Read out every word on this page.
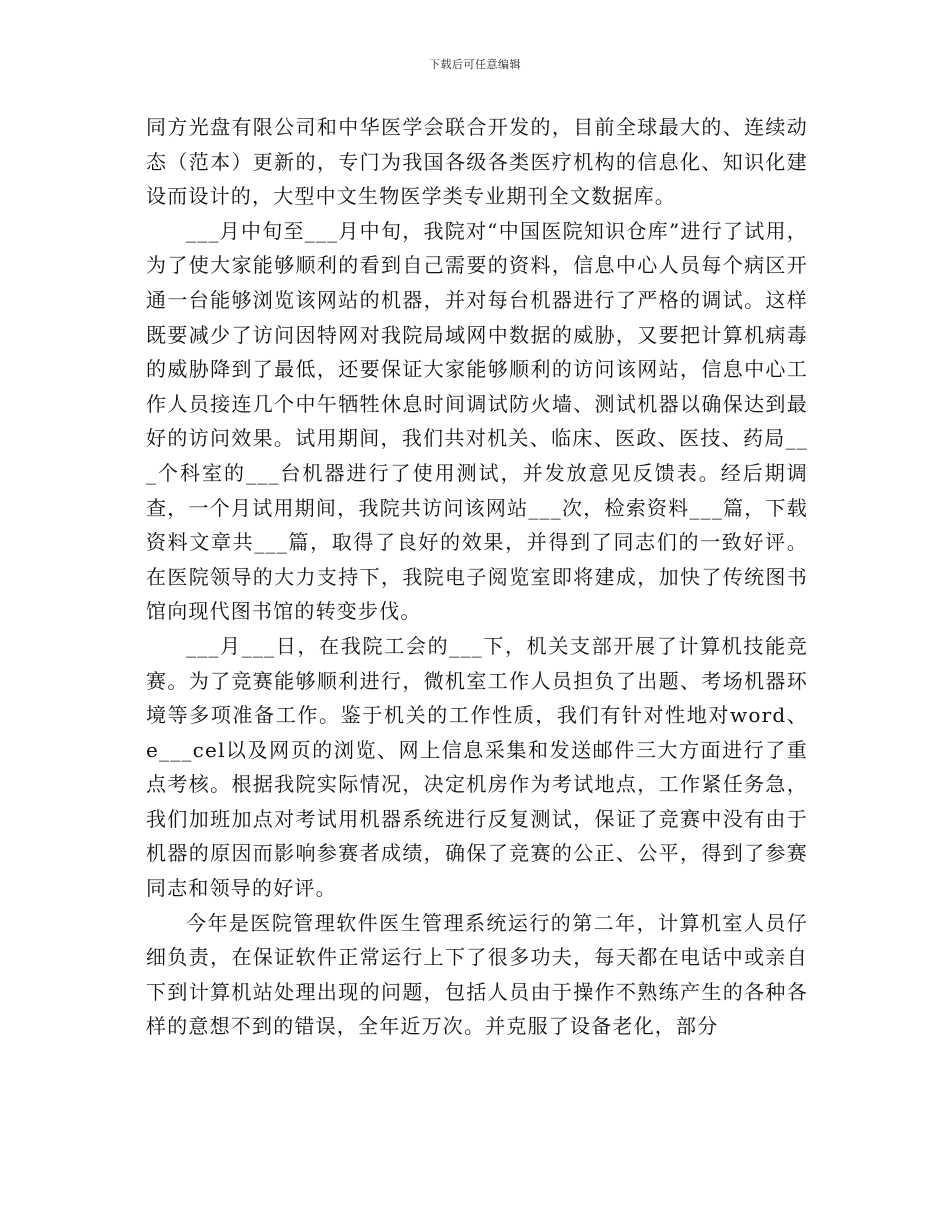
下载后可任意编辑

同方光盘有限公司和中华医学会联合开发的，目前全球最大的、连续动态（范本）更新的，专门为我国各级各类医疗机构的信息化、知识化建设而设计的，大型中文生物医学类专业期刊全文数据库。

___月中旬至___月中旬，我院对“中国医院知识仓库”进行了试用，为了使大家能够顺利的看到自己需要的资料，信息中心人员每个病区开通一台能够浏览该网站的机器，并对每台机器进行了严格的调试。这样既要减少了访问因特网对我院局域网中数据的威胁，又要把计算机病毒的威胁降到了最低，还要保证大家能够顺利的访问该网站，信息中心工作人员接连几个中午牺牲休息时间调试防火墙、测试机器以确保达到最好的访问效果。试用期间，我们共对机关、临床、医政、医技、药局___个科室的___台机器进行了使用测试，并发放意见反馈表。经后期调查，一个月试用期间，我院共访问该网站___次，检索资料___篇，下载资料文章共___篇，取得了良好的效果，并得到了同志们的一致好评。在医院领导的大力支持下，我院电子阅览室即将建成，加快了传统图书馆向现代图书馆的转变步伐。

___月___日，在我院工会的___下，机关支部开展了计算机技能竞赛。为了竞赛能够顺利进行，微机室工作人员担负了出题、考场机器环境等多项准备工作。鉴于机关的工作性质，我们有针对性地对word、e___cel以及网页的浏览、网上信息采集和发送邮件三大方面进行了重点考核。根据我院实际情况，决定机房作为考试地点，工作紧任务急，我们加班加点对考试用机器系统进行反复测试，保证了竞赛中没有由于机器的原因而影响参赛者成绩，确保了竞赛的公正、公平，得到了参赛同志和领导的好评。

今年是医院管理软件医生管理系统运行的第二年，计算机室人员仔细负责，在保证软件正常运行上下了很多功夫，每天都在电话中或亲自下到计算机站处理出现的问题，包括人员由于操作不熟练产生的各种各样的意想不到的错误，全年近万次。并克服了设备老化，部分
